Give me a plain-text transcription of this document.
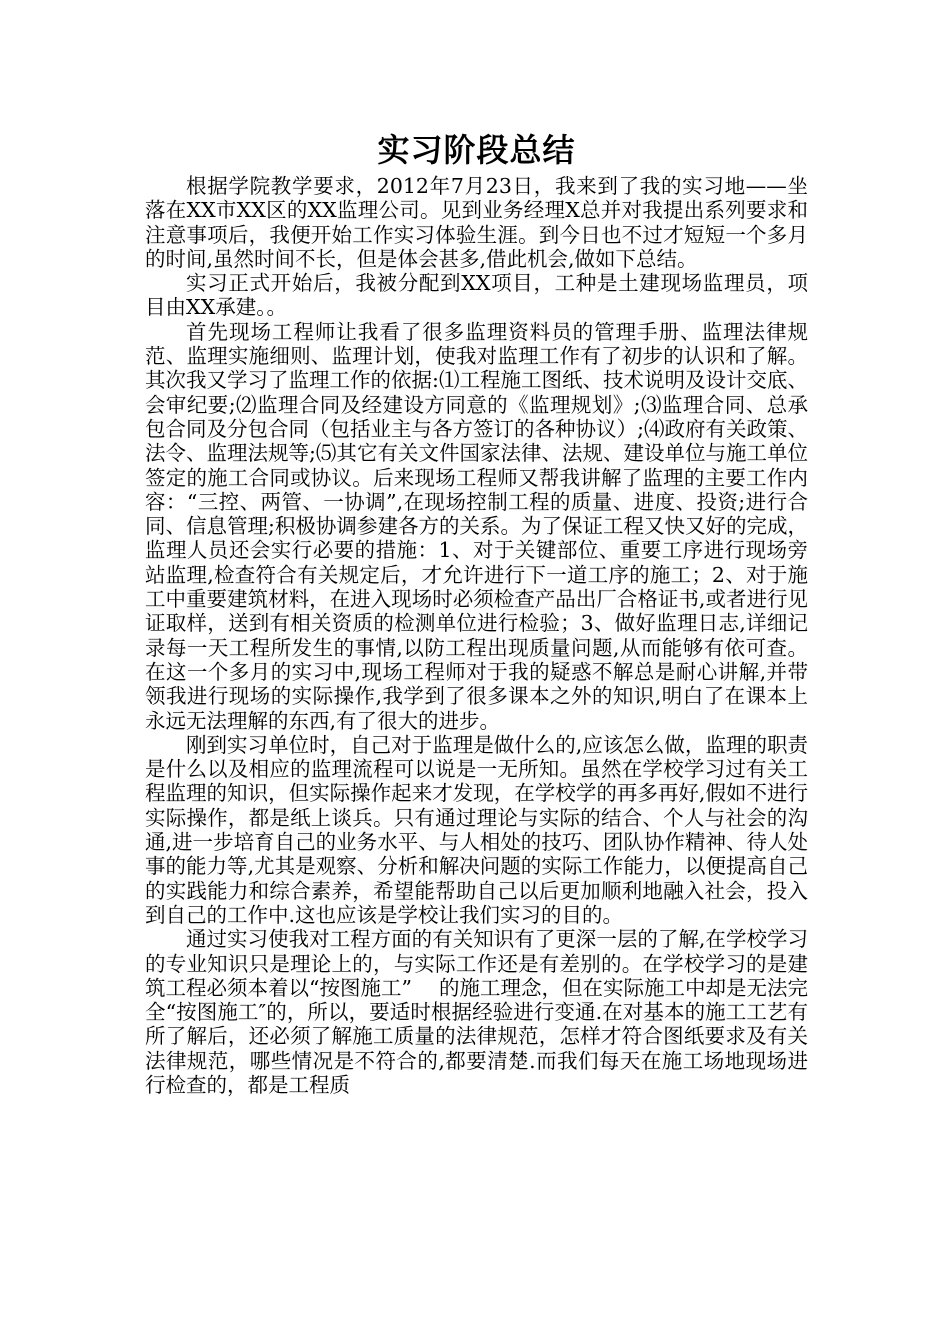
实习阶段总结

根据学院教学要求，2012年7月23日，我来到了我的实习地——坐落在XX市XX区的XX监理公司。见到业务经理X总并对我提出系列要求和注意事项后，我便开始工作实习体验生涯。到今日也不过才短短一个多月的时间,虽然时间不长，但是体会甚多,借此机会,做如下总结。

实习正式开始后，我被分配到XX项目，工种是土建现场监理员，项目由XX承建。。

首先现场工程师让我看了很多监理资料员的管理手册、监理法律规范、监理实施细则、监理计划，使我对监理工作有了初步的认识和了解。其次我又学习了监理工作的依据:⑴工程施工图纸、技术说明及设计交底、会审纪要;⑵监理合同及经建设方同意的《监理规划》;⑶监理合同、总承包合同及分包合同（包括业主与各方签订的各种协议）;⑷政府有关政策、法令、监理法规等;⑸其它有关文件国家法律、法规、建设单位与施工单位签定的施工合同或协议。后来现场工程师又帮我讲解了监理的主要工作内容：“三控、两管、一协调”,在现场控制工程的质量、进度、投资;进行合同、信息管理;积极协调参建各方的关系。为了保证工程又快又好的完成，监理人员还会实行必要的措施：1、对于关键部位、重要工序进行现场旁站监理,检查符合有关规定后，才允许进行下一道工序的施工；2、对于施工中重要建筑材料，在进入现场时必须检查产品出厂合格证书,或者进行见证取样，送到有相关资质的检测单位进行检验；3、做好监理日志,详细记录每一天工程所发生的事情,以防工程出现质量问题,从而能够有依可查。在这一个多月的实习中,现场工程师对于我的疑惑不解总是耐心讲解,并带领我进行现场的实际操作,我学到了很多课本之外的知识,明白了在课本上永远无法理解的东西,有了很大的进步。

刚到实习单位时，自己对于监理是做什么的,应该怎么做，监理的职责是什么以及相应的监理流程可以说是一无所知。虽然在学校学习过有关工程监理的知识，但实际操作起来才发现，在学校学的再多再好,假如不进行实际操作，都是纸上谈兵。只有通过理论与实际的结合、个人与社会的沟通,进一步培育自己的业务水平、与人相处的技巧、团队协作精神、待人处事的能力等,尤其是观察、分析和解决问题的实际工作能力，以便提高自己的实践能力和综合素养，希望能帮助自己以后更加顺利地融入社会，投入到自己的工作中.这也应该是学校让我们实习的目的。

通过实习使我对工程方面的有关知识有了更深一层的了解,在学校学习的专业知识只是理论上的，与实际工作还是有差别的。在学校学习的是建筑工程必须本着以“按图施工”　 的施工理念，但在实际施工中却是无法完全“按图施工″的，所以，要适时根据经验进行变通.在对基本的施工工艺有所了解后，还必须了解施工质量的法律规范，怎样才符合图纸要求及有关法律规范，哪些情况是不符合的,都要清楚.而我们每天在施工场地现场进行检查的，都是工程质
